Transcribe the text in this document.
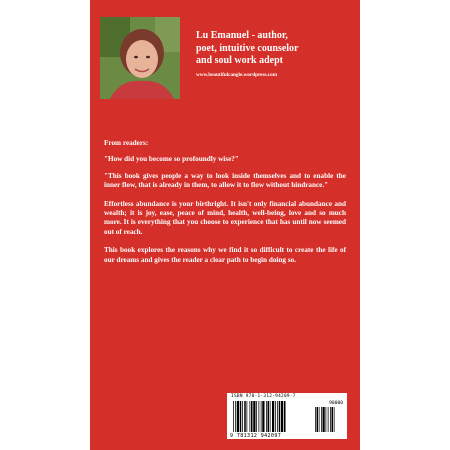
Lu Emanuel - author,
poet, intuitive counselor
and soul work adept
www.beautifulcangle.wordpress.com

From readers:

"How did you become so profoundly wise?"

"This book gives people a way to look inside themselves and to enable the inner flow, that is already in them, to allow it to flow without hindrance."

Effortless abundance is your birthright. It isn't only financial abundance and wealth; it is joy, ease, peace of mind, health, well-being, love and so much more. It is everything that you choose to experience that has until now seemed out of reach.

This book explores the reasons why we find it so difficult to create the life of our dreams and gives the reader a clear path to begin doing so.

ISBN 978-1-312-94209-7
90000
9 781312 942097
